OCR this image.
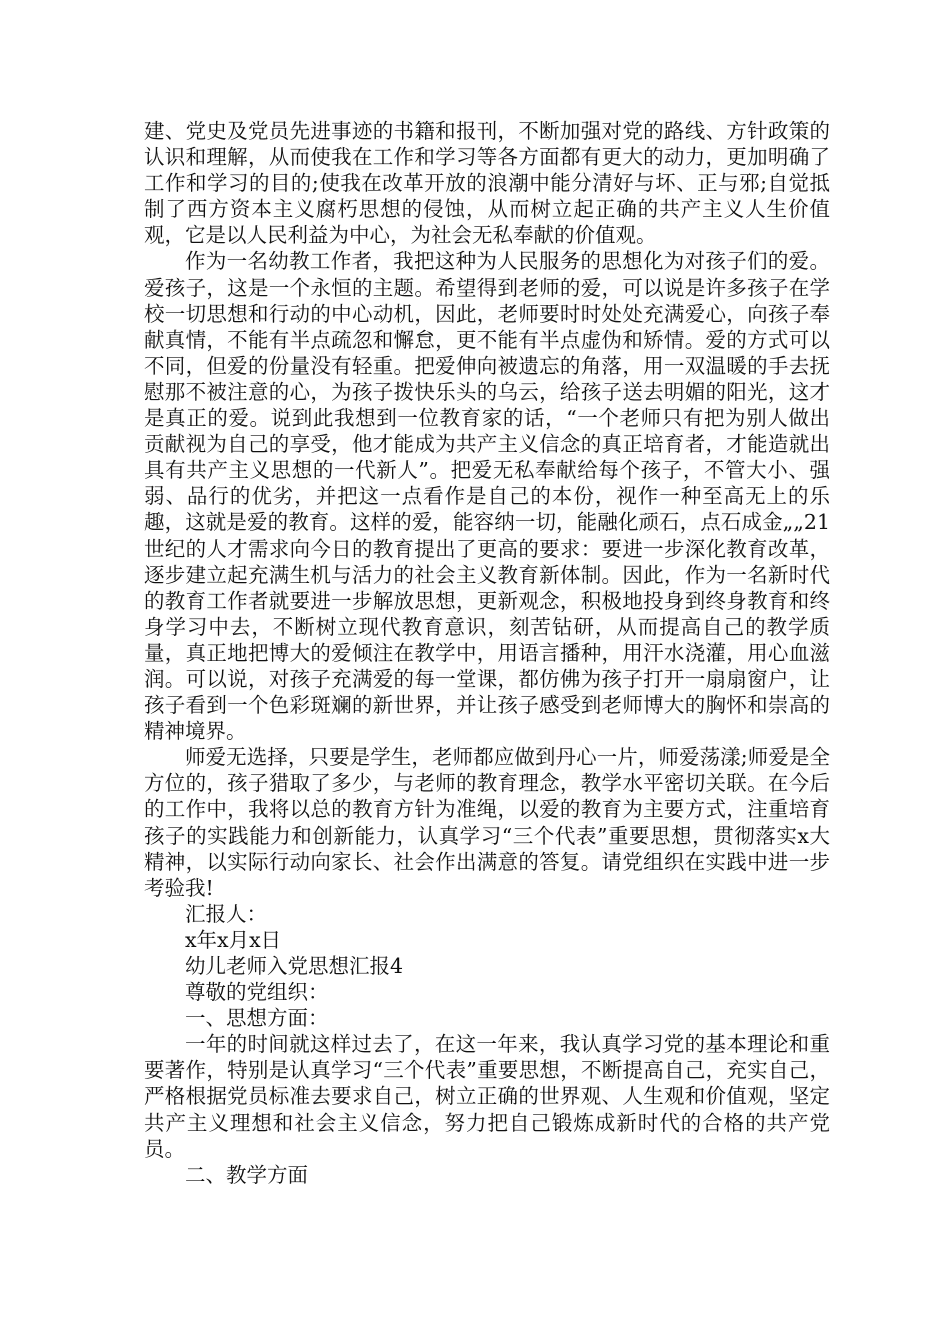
建、党史及党员先进事迹的书籍和报刊，不断加强对党的路线、方针政策的认识和理解，从而使我在工作和学习等各方面都有更大的动力，更加明确了工作和学习的目的;使我在改革开放的浪潮中能分清好与坏、正与邪;自觉抵制了西方资本主义腐朽思想的侵蚀，从而树立起正确的共产主义人生价值观，它是以人民利益为中心，为社会无私奉献的价值观。

作为一名幼教工作者，我把这种为人民服务的思想化为对孩子们的爱。爱孩子，这是一个永恒的主题。希望得到老师的爱，可以说是许多孩子在学校一切思想和行动的中心动机，因此，老师要时时处处充满爱心，向孩子奉献真情，不能有半点疏忽和懈怠，更不能有半点虚伪和矫情。爱的方式可以不同，但爱的份量没有轻重。把爱伸向被遗忘的角落，用一双温暖的手去抚慰那不被注意的心，为孩子拨快乐头的乌云，给孩子送去明媚的阳光，这才是真正的爱。说到此我想到一位教育家的话，“一个老师只有把为别人做出贡献视为自己的享受，他才能成为共产主义信念的真正培育者，才能造就出具有共产主义思想的一代新人”。把爱无私奉献给每个孩子，不管大小、强弱、品行的优劣，并把这一点看作是自己的本份，视作一种至高无上的乐趣，这就是爱的教育。这样的爱，能容纳一切，能融化顽石，点石成金„„21世纪的人才需求向今日的教育提出了更高的要求：要进一步深化教育改革，逐步建立起充满生机与活力的社会主义教育新体制。因此，作为一名新时代的教育工作者就要进一步解放思想，更新观念，积极地投身到终身教育和终身学习中去，不断树立现代教育意识，刻苦钻研，从而提高自己的教学质量，真正地把博大的爱倾注在教学中，用语言播种，用汗水浇灌，用心血滋润。可以说，对孩子充满爱的每一堂课，都仿佛为孩子打开一扇扇窗户，让孩子看到一个色彩斑斓的新世界，并让孩子感受到老师博大的胸怀和崇高的精神境界。

师爱无选择，只要是学生，老师都应做到丹心一片，师爱荡漾;师爱是全方位的，孩子猎取了多少，与老师的教育理念，教学水平密切关联。在今后的工作中，我将以总的教育方针为准绳，以爱的教育为主要方式，注重培育孩子的实践能力和创新能力，认真学习“三个代表”重要思想，贯彻落实x大精神，以实际行动向家长、社会作出满意的答复。请党组织在实践中进一步考验我!

汇报人：

x年x月x日

幼儿老师入党思想汇报4

尊敬的党组织：

一、思想方面：

一年的时间就这样过去了，在这一年来，我认真学习党的基本理论和重要著作，特别是认真学习“三个代表”重要思想，不断提高自己，充实自己，严格根据党员标准去要求自己，树立正确的世界观、人生观和价值观，坚定共产主义理想和社会主义信念，努力把自己锻炼成新时代的合格的共产党员。

二、教学方面
